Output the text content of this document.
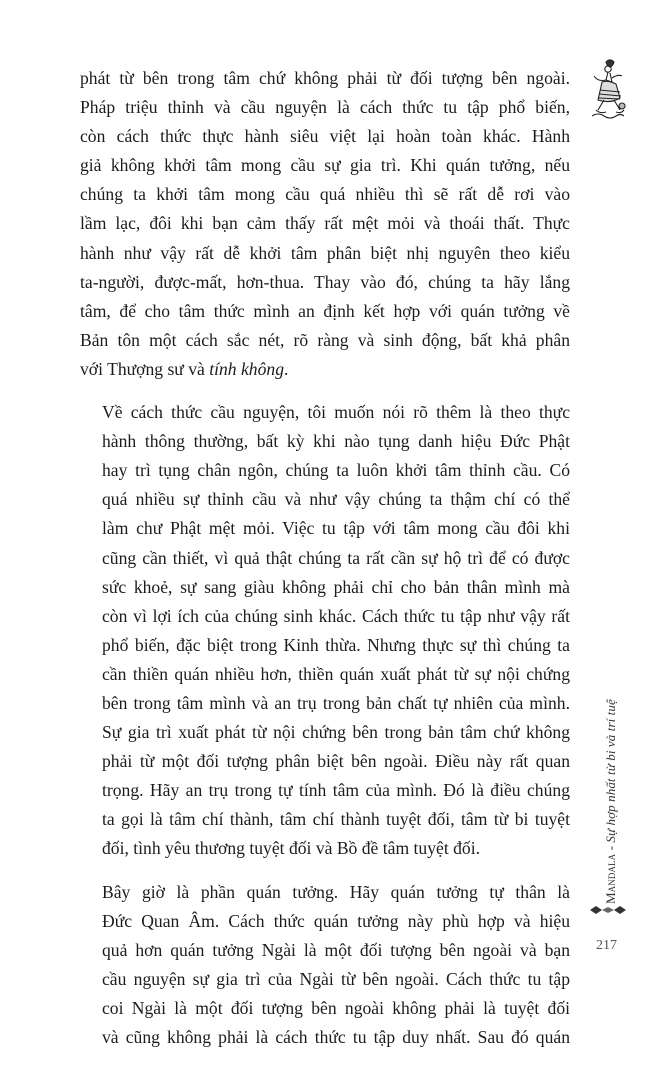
phát từ bên trong tâm chứ không phải từ đối tượng bên ngoài.
Pháp triệu thỉnh và cầu nguyện là cách thức tu tập phổ biến,
còn cách thức thực hành siêu việt lại hoàn toàn khác. Hành
giả không khởi tâm mong cầu sự gia trì. Khi quán tưởng, nếu
chúng ta khởi tâm mong cầu quá nhiều thì sẽ rất dễ rơi vào
lầm lạc, đôi khi bạn cảm thấy rất mệt mỏi và thoái thất. Thực
hành như vậy rất dễ khởi tâm phân biệt nhị nguyên theo kiểu
ta-người, được-mất, hơn-thua. Thay vào đó, chúng ta hãy lắng
tâm, để cho tâm thức mình an định kết hợp với quán tưởng về
Bản tôn một cách sắc nét, rõ ràng và sinh động, bất khả phân
với Thượng sư và tính không.

Về cách thức cầu nguyện, tôi muốn nói rõ thêm là theo thực
hành thông thường, bất kỳ khi nào tụng danh hiệu Đức Phật
hay trì tụng chân ngôn, chúng ta luôn khởi tâm thỉnh cầu. Có
quá nhiều sự thỉnh cầu và như vậy chúng ta thậm chí có thể
làm chư Phật mệt mỏi. Việc tu tập với tâm mong cầu đôi khi
cũng cần thiết, vì quả thật chúng ta rất cần sự hộ trì để có được
sức khoẻ, sự sang giàu không phải chỉ cho bản thân mình mà
còn vì lợi ích của chúng sinh khác. Cách thức tu tập như vậy rất
phổ biến, đặc biệt trong Kinh thừa. Nhưng thực sự thì chúng ta
cần thiền quán nhiều hơn, thiền quán xuất phát từ sự nội chứng
bên trong tâm mình và an trụ trong bản chất tự nhiên của mình.
Sự gia trì xuất phát từ nội chứng bên trong bản tâm chứ không
phải từ một đối tượng phân biệt bên ngoài. Điều này rất quan
trọng. Hãy an trụ trong tự tính tâm của mình. Đó là điều chúng
ta gọi là tâm chí thành, tâm chí thành tuyệt đối, tâm từ bi tuyệt
đối, tình yêu thương tuyệt đối và Bồ đề tâm tuyệt đối.

Bây giờ là phần quán tưởng. Hãy quán tưởng tự thân là
Đức Quan Âm. Cách thức quán tưởng này phù hợp và hiệu
quả hơn quán tưởng Ngài là một đối tượng bên ngoài và bạn
cầu nguyện sự gia trì của Ngài từ bên ngoài. Cách thức tu tập
coi Ngài là một đối tượng bên ngoài không phải là tuyệt đối
và cũng không phải là cách thức tu tập duy nhất. Sau đó quán

Mandala - Sự hợp nhất từ bi và trí tuệ
217
